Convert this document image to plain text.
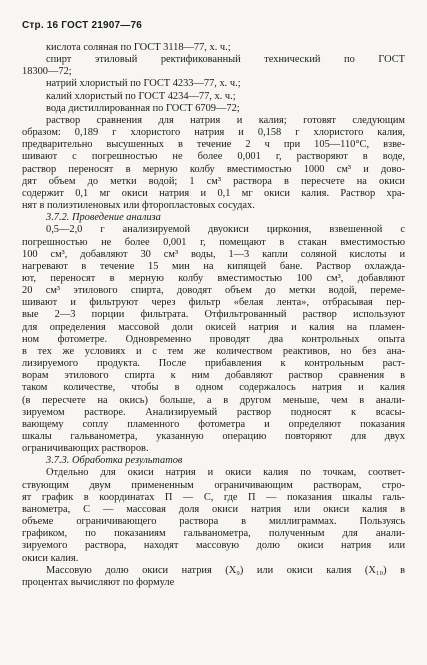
Стр. 16 ГОСТ 21907—76
кислота соляная по ГОСТ 3118—77, х. ч.;
спирт этиловый ректификованный технический по ГОСТ
18300—72;
натрий хлористый по ГОСТ 4233—77, х. ч.;
калий хлористый по ГОСТ 4234—77, х. ч.;
вода дистиллированная по ГОСТ 6709—72;
раствор сравнения для натрия и калия; готовят следующим
образом: 0,189 г хлористого натрия и 0,158 г хлористого калия,
предварительно высушенных в течение 2 ч при 105—110°С, взве-
шивают с погрешностью не более 0,001 г, растворяют в воде,
раствор переносят в мерную колбу вместимостью 1000 см³ и дово-
дят объем до метки водой; 1 см³ раствора в пересчете на окиси
содержит 0,1 мг окиси натрия и 0,1 мг окиси калия. Раствор хра-
нят в полиэтиленовых или фторопластовых сосудах.
3.7.2. Проведение анализа
0,5—2,0 г анализируемой двуокиси циркония, взвешенной с
погрешностью не более 0,001 г, помещают в стакан вместимостью
100 см³, добавляют 30 см³ воды, 1—3 капли соляной кислоты и
нагревают в течение 15 мин на кипящей бане. Раствор охлажда-
ют, переносят в мерную колбу вместимостью 100 см³, добавляют
20 см³ этилового спирта, доводят объем до метки водой, переме-
шивают и фильтруют через фильтр «белая лента», отбрасывая пер-
вые 2—3 порции фильтрата. Отфильтрованный раствор используют
для определения массовой доли окисей натрия и калия на пламен-
ном фотометре. Одновременно проводят два контрольных опыта
в тех же условиях и с тем же количеством реактивов, но без ана-
лизируемого продукта. После прибавления к контрольным раст-
ворам этилового спирта к ним добавляют раствор сравнения в
таком количестве, чтобы в одном содержалось натрия и калия
(в пересчете на окись) больше, а в другом меньше, чем в анали-
зируемом растворе. Анализируемый раствор подносят к всасы-
вающему соплу пламенного фотометра и определяют показания
шкалы гальванометра, указанную операцию повторяют для двух
ограничивающих растворов.
3.7.3. Обработка результатов
Отдельно для окиси натрия и окиси калия по точкам, соответ-
ствующим двум примененным ограничивающим растворам, стро-
ят график в координатах П — С, где П — показания шкалы галь-
ванометра, С — массовая доля окиси натрия или окиси калия в
объеме ограничивающего раствора в миллиграммах. Пользуясь
графиком, по показаниям гальванометра, полученным для анали-
зируемого раствора, находят массовую долю окиси натрия или
окиси калия.
Массовую долю окиси натрия (X₉) или окиси калия (X₁₀) в
процентах вычисляют по формуле
